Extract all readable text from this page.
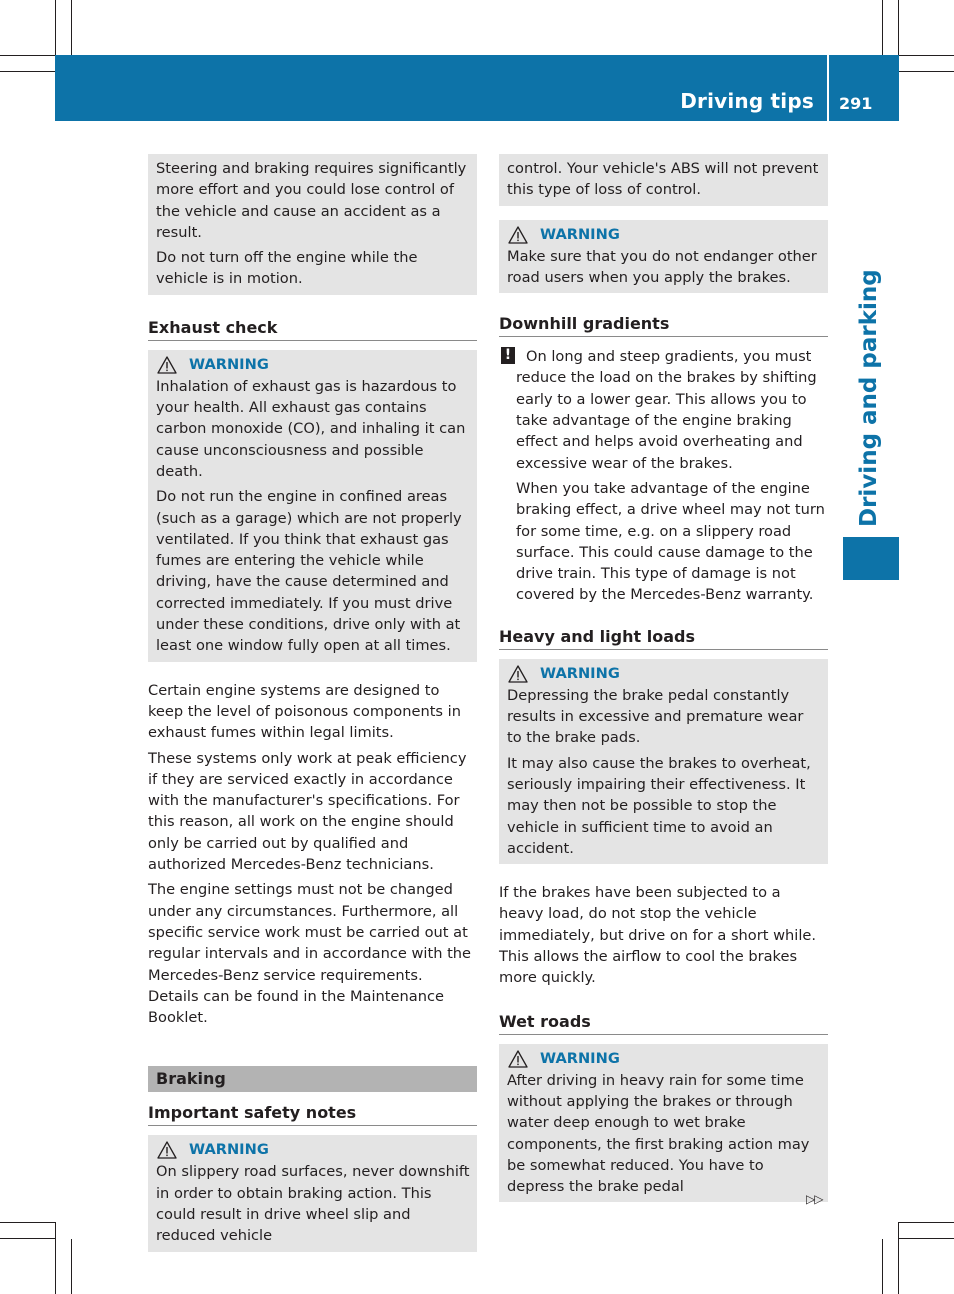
Driving tips 291
Driving and parking

Steering and braking requires significantly more effort and you could lose control of the vehicle and cause an accident as a result.

Do not turn off the engine while the vehicle is in motion.

Exhaust check
WARNING

Inhalation of exhaust gas is hazardous to your health. All exhaust gas contains carbon monoxide (CO), and inhaling it can cause unconsciousness and possible death.

Do not run the engine in confined areas (such as a garage) which are not properly ventilated. If you think that exhaust gas fumes are entering the vehicle while driving, have the cause determined and corrected immediately. If you must drive under these conditions, drive only with at least one window fully open at all times.

Certain engine systems are designed to keep the level of poisonous components in exhaust fumes within legal limits.

These systems only work at peak efficiency if they are serviced exactly in accordance with the manufacturer's specifications. For this reason, all work on the engine should only be carried out by qualified and authorized Mercedes-Benz technicians.

The engine settings must not be changed under any circumstances. Furthermore, all specific service work must be carried out at regular intervals and in accordance with the Mercedes-Benz service requirements. Details can be found in the Maintenance Booklet.

Braking
Important safety notes
WARNING

On slippery road surfaces, never downshift in order to obtain braking action. This could result in drive wheel slip and reduced vehicle

control. Your vehicle's ABS will not prevent this type of loss of control.

WARNING

Make sure that you do not endanger other road users when you apply the brakes.

Downhill gradients
!	On long and steep gradients, you must reduce the load on the brakes by shifting early to a lower gear. This allows you to take advantage of the engine braking effect and helps avoid overheating and excessive wear of the brakes.

When you take advantage of the engine braking effect, a drive wheel may not turn for some time, e.g. on a slippery road surface. This could cause damage to the drive train. This type of damage is not covered by the Mercedes-Benz warranty.

Heavy and light loads
WARNING

Depressing the brake pedal constantly results in excessive and premature wear to the brake pads.

It may also cause the brakes to overheat, seriously impairing their effectiveness. It may then not be possible to stop the vehicle in sufficient time to avoid an accident.

If the brakes have been subjected to a heavy load, do not stop the vehicle immediately, but drive on for a short while. This allows the airflow to cool the brakes more quickly.

Wet roads
WARNING

After driving in heavy rain for some time without applying the brakes or through water deep enough to wet brake components, the first braking action may be somewhat reduced. You have to depress the brake pedal

▷▷
